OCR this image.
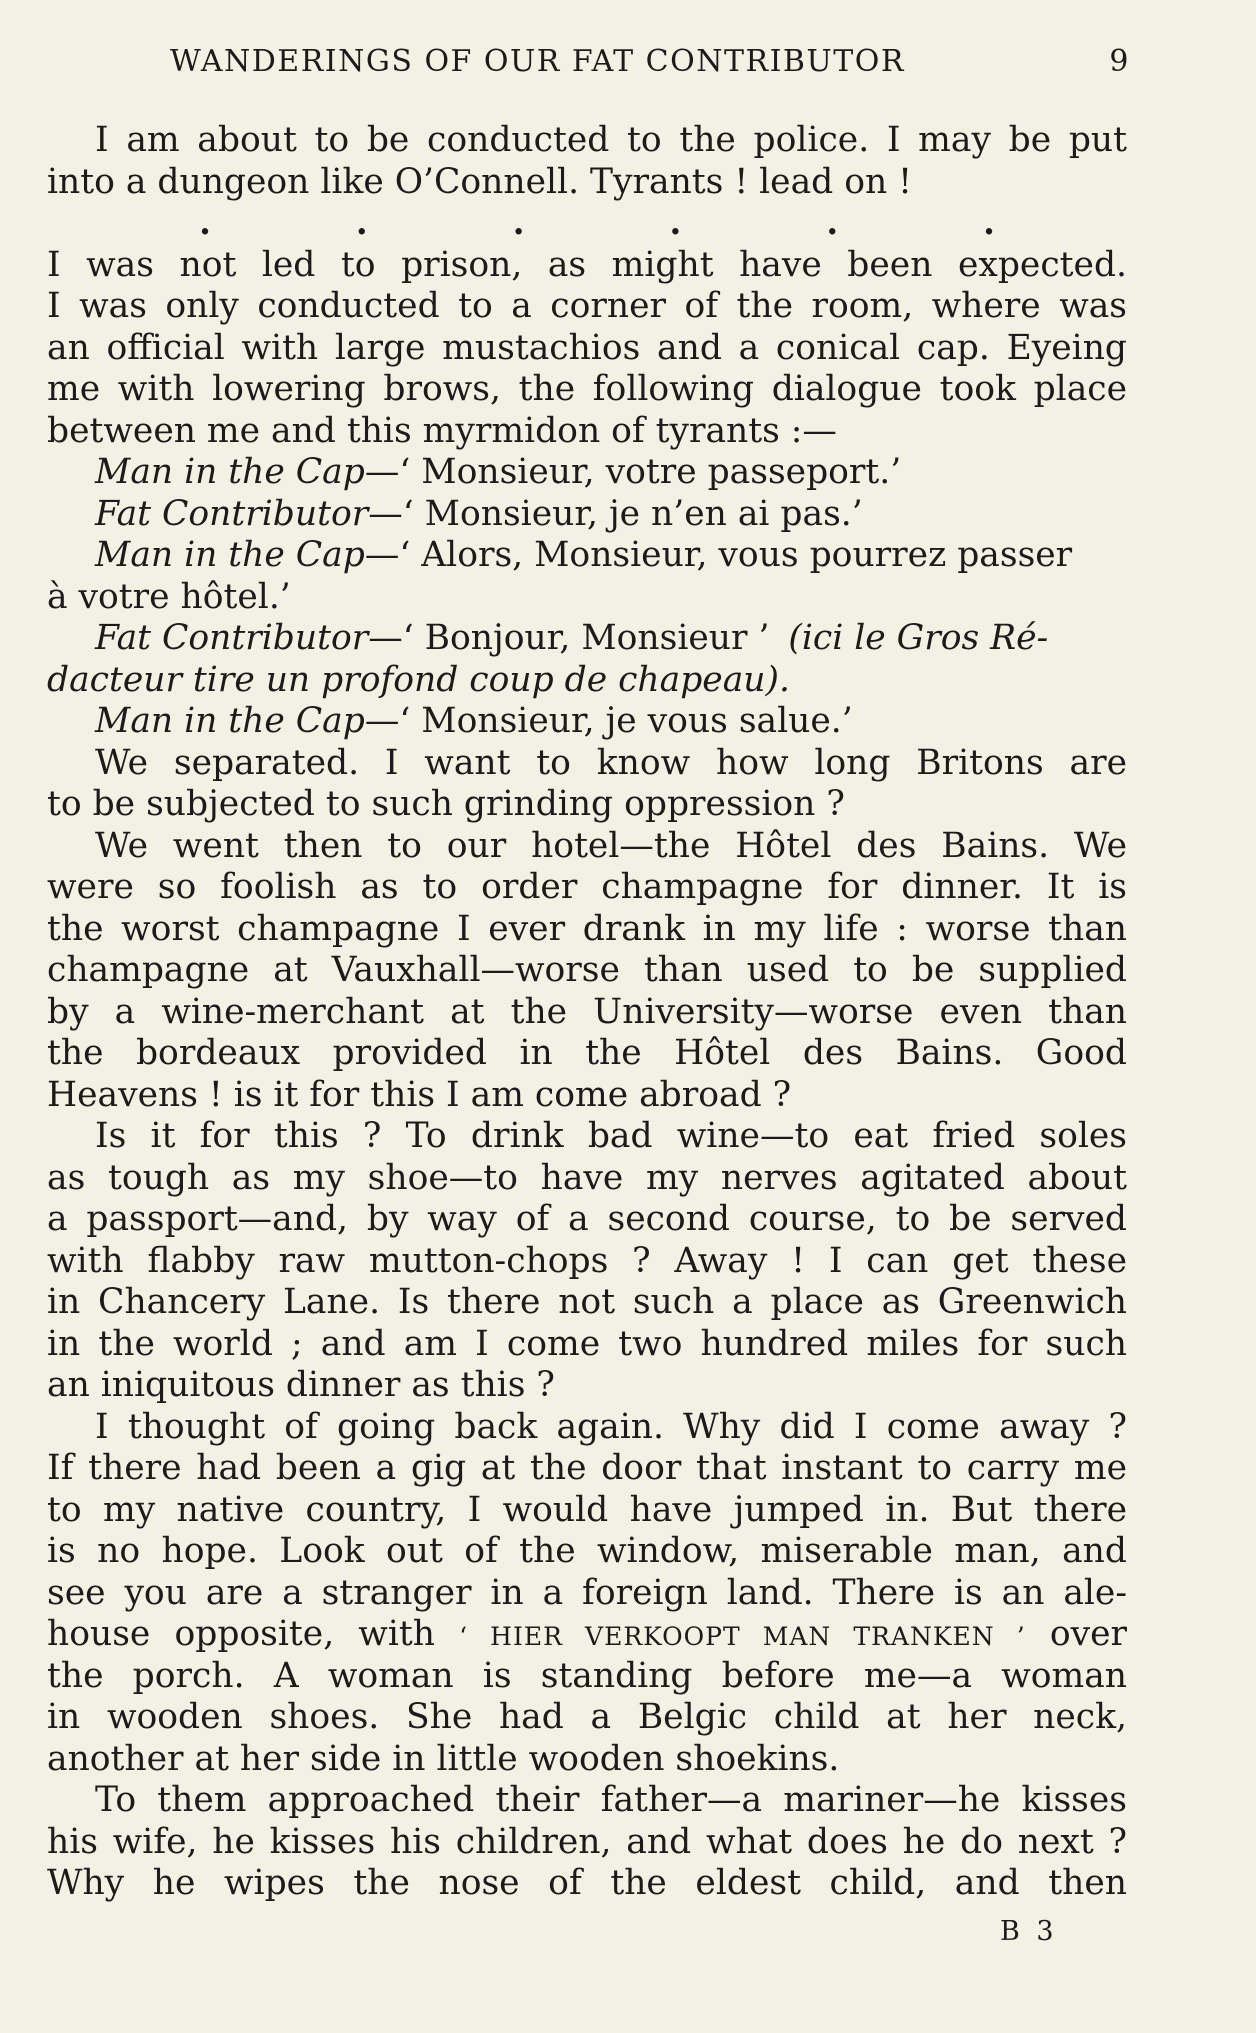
WANDERINGS OF OUR FAT CONTRIBUTOR	9
I am about to be conducted to the police. I may be put
into a dungeon like O’Connell. Tyrants ! lead on !
.	.	.	.	.	.
I was not led to prison, as might have been expected.
I was only conducted to a corner of the room, where was
an official with large mustachios and a conical cap. Eyeing
me with lowering brows, the following dialogue took place
between me and this myrmidon of tyrants :—
Man in the Cap —‘ Monsieur, votre passeport.’
Fat Contributor —‘ Monsieur, je n’en ai pas.’
Man in the Cap —‘ Alors, Monsieur, vous pourrez passer
à votre hôtel.’
Fat Contributor —‘ Bonjour, Monsieur ’ (ici le Gros Ré-
dacteur tire un profond coup de chapeau).
Man in the Cap —‘ Monsieur, je vous salue.’
We separated. I want to know how long Britons are
to be subjected to such grinding oppression ?
We went then to our hotel—the Hôtel des Bains. We
were so foolish as to order champagne for dinner. It is
the worst champagne I ever drank in my life : worse than
champagne at Vauxhall—worse than used to be supplied
by a wine-merchant at the University—worse even than
the bordeaux provided in the Hôtel des Bains. Good
Heavens ! is it for this I am come abroad ?
Is it for this ? To drink bad wine—to eat fried soles
as tough as my shoe—to have my nerves agitated about
a passport—and, by way of a second course, to be served
with flabby raw mutton-chops ? Away ! I can get these
in Chancery Lane. Is there not such a place as Greenwich
in the world ; and am I come two hundred miles for such
an iniquitous dinner as this ?
I thought of going back again. Why did I come away ?
If there had been a gig at the door that instant to carry me
to my native country, I would have jumped in. But there
is no hope. Look out of the window, miserable man, and
see you are a stranger in a foreign land. There is an ale-
house opposite, with ‘ HIER VERKOOPT MAN TRANKEN ’ over
the porch. A woman is standing before me—a woman
in wooden shoes. She had a Belgic child at her neck,
another at her side in little wooden shoekins.
To them approached their father—a mariner—he kisses
his wife, he kisses his children, and what does he do next ?
Why he wipes the nose of the eldest child, and then
B 3
